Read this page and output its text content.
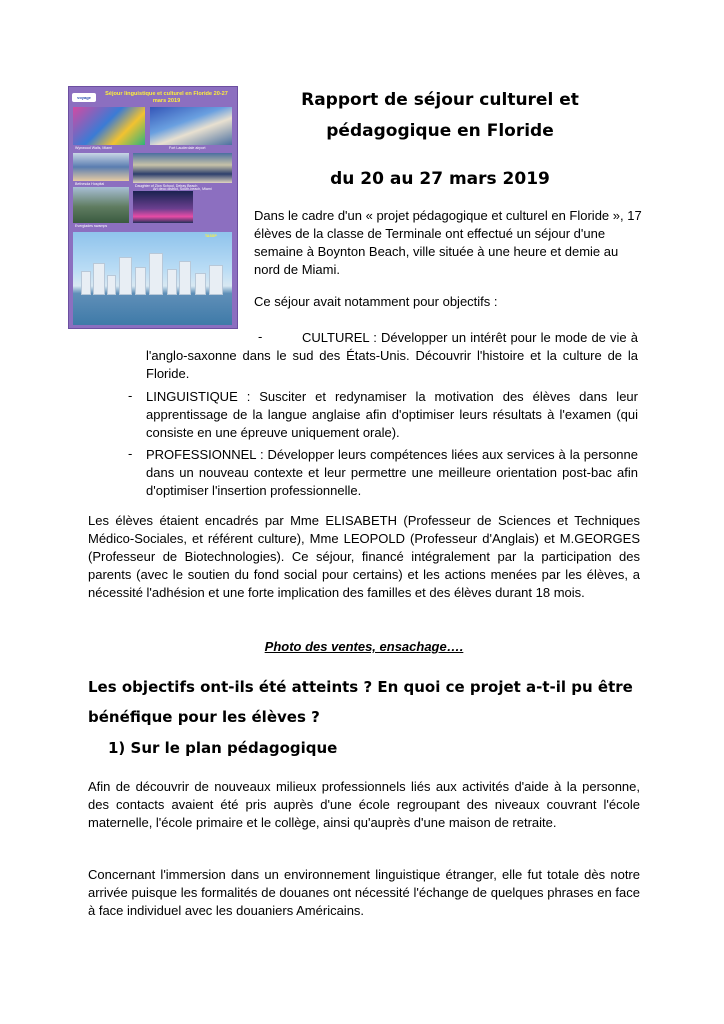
voyage
Séjour linguistique et culturel en Floride 20-27 mars 2019
Wynwood Walls, Miami	Fort Lauderdale airport
Bethesda Hospital	Daughter of Zion School, Delray Beach
Everglades swamps
Art deco district, South-beach, Miami
TASSP
Rapport de séjour culturel et
pédagogique en Floride
du 20 au 27 mars 2019
Dans le cadre d'un « projet pédagogique et culturel en Floride », 17 élèves de la classe de Terminale ont effectué un séjour d'une semaine à Boynton Beach, ville située à une heure et demie au nord de Miami.
Ce séjour avait notamment pour objectifs :
-	CULTUREL : Développer un intérêt pour le mode de vie à l'anglo-saxonne dans le sud des États-Unis. Découvrir l'histoire et la culture de la Floride.
- LINGUISTIQUE : Susciter et redynamiser la motivation des élèves dans leur apprentissage de la langue anglaise afin d'optimiser leurs résultats à l'examen (qui consiste en une épreuve uniquement orale).
- PROFESSIONNEL : Développer leurs compétences liées aux services à la personne dans un nouveau contexte et leur permettre une meilleure orientation post-bac afin d'optimiser l'insertion professionnelle.
Les élèves étaient encadrés par Mme ELISABETH (Professeur de Sciences et Techniques Médico-Sociales, et référent culture), Mme LEOPOLD (Professeur d'Anglais) et M.GEORGES (Professeur de Biotechnologies). Ce séjour, financé intégralement par la participation des parents (avec le soutien du fond social pour certains) et les actions menées par les élèves, a nécessité l'adhésion et une forte implication des familles et des élèves durant 18 mois.
Photo des ventes, ensachage….
Les objectifs ont-ils été atteints ? En quoi ce projet a-t-il pu être bénéfique pour les élèves ?
1) Sur le plan pédagogique
Afin de découvrir de nouveaux milieux professionnels liés aux activités d'aide à la personne, des contacts avaient été pris auprès d'une école regroupant des niveaux couvrant l'école maternelle, l'école primaire et le collège, ainsi qu'auprès d'une maison de retraite.
Concernant l'immersion dans un environnement linguistique étranger, elle fut totale dès notre arrivée puisque les formalités de douanes ont nécessité l'échange de quelques phrases en face à face individuel avec les douaniers Américains.
